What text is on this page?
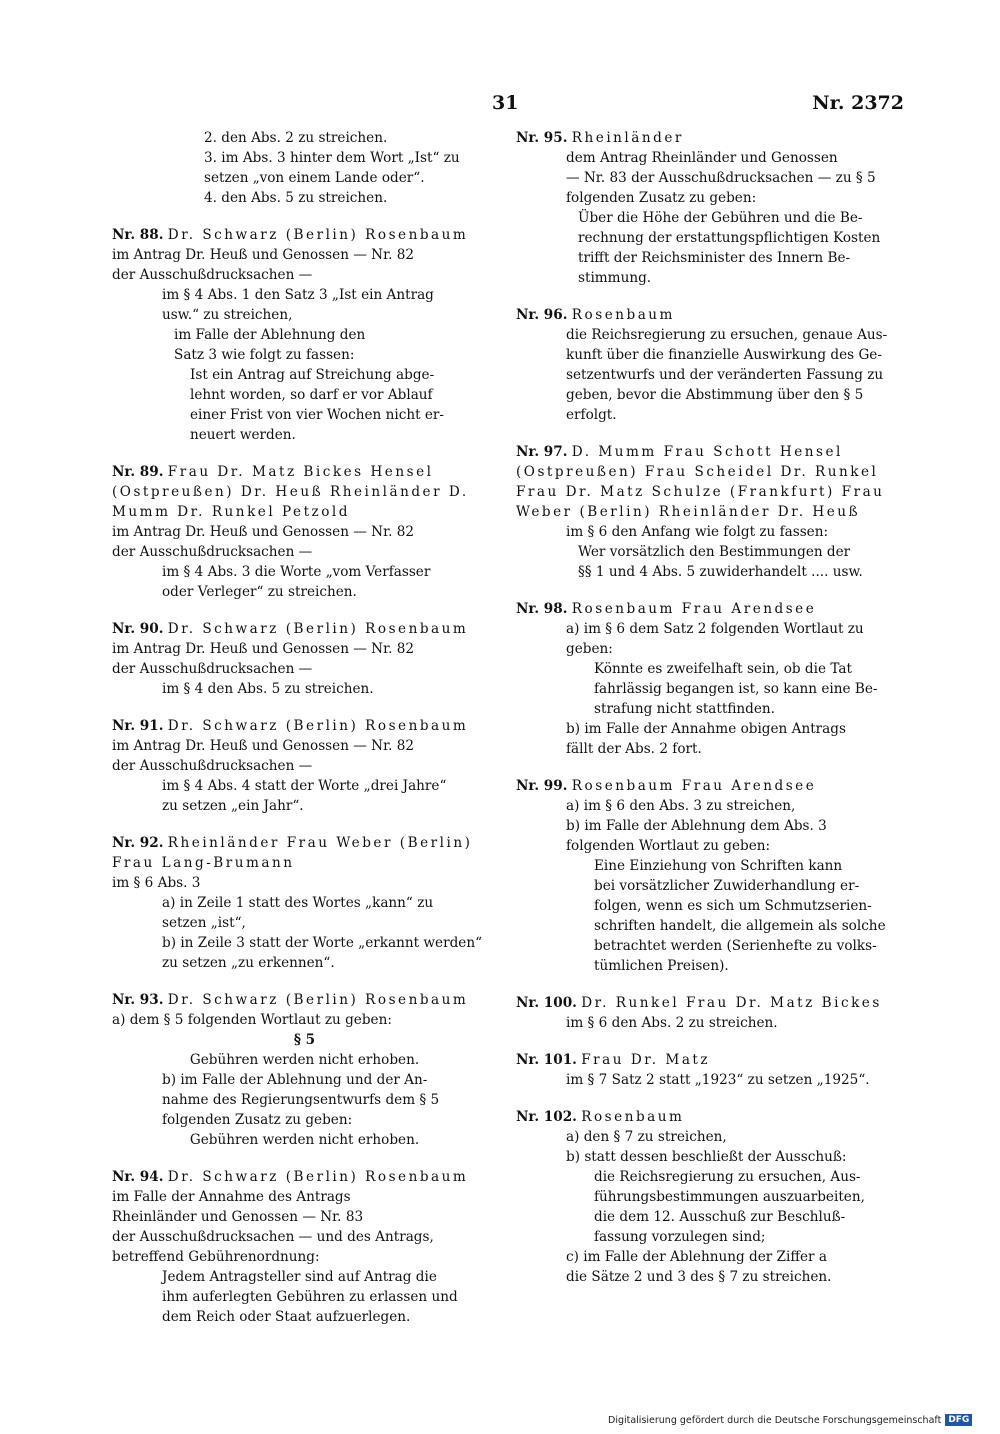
31	Nr. 2372

2. den Abs. 2 zu streichen.

3. im Abs. 3 hinter dem Wort „Ist“ zu

setzen „von einem Lande oder“.

4. den Abs. 5 zu streichen.

Nr. 88. Dr. Schwarz (Berlin) Rosenbaum

im Antrag Dr. Heuß und Genossen — Nr. 82

der Ausschußdrucksachen —

im § 4 Abs. 1 den Satz 3 „Ist ein Antrag

usw.“ zu streichen,

im Falle der Ablehnung den

Satz 3 wie folgt zu fassen:

Ist ein Antrag auf Streichung abge-

lehnt worden, so darf er vor Ablauf

einer Frist von vier Wochen nicht er-

neuert werden.

Nr. 89. Frau Dr. Matz Bickes Hensel (Ostpreußen) Dr. Heuß Rheinländer D. Mumm Dr. Runkel Petzold

im Antrag Dr. Heuß und Genossen — Nr. 82

der Ausschußdrucksachen —

im § 4 Abs. 3 die Worte „vom Verfasser

oder Verleger“ zu streichen.

Nr. 90. Dr. Schwarz (Berlin) Rosenbaum

im Antrag Dr. Heuß und Genossen — Nr. 82

der Ausschußdrucksachen —

im § 4 den Abs. 5 zu streichen.

Nr. 91. Dr. Schwarz (Berlin) Rosenbaum

im Antrag Dr. Heuß und Genossen — Nr. 82

der Ausschußdrucksachen —

im § 4 Abs. 4 statt der Worte „drei Jahre“

zu setzen „ein Jahr“.

Nr. 92. Rheinländer Frau Weber (Berlin) Frau Lang-Brumann

im § 6 Abs. 3

a) in Zeile 1 statt des Wortes „kann“ zu

setzen „ist“,

b) in Zeile 3 statt der Worte „erkannt werden“

zu setzen „zu erkennen“.

Nr. 93. Dr. Schwarz (Berlin) Rosenbaum

a) dem § 5 folgenden Wortlaut zu geben:

§ 5

Gebühren werden nicht erhoben.

b) im Falle der Ablehnung und der An-

nahme des Regierungsentwurfs dem § 5

folgenden Zusatz zu geben:

Gebühren werden nicht erhoben.

Nr. 94. Dr. Schwarz (Berlin) Rosenbaum

im Falle der Annahme des Antrags

Rheinländer und Genossen — Nr. 83

der Ausschußdrucksachen — und des Antrags,

betreffend Gebührenordnung:

Jedem Antragsteller sind auf Antrag die

ihm auferlegten Gebühren zu erlassen und

dem Reich oder Staat aufzuerlegen.

Nr. 95. Rheinländer

dem Antrag Rheinländer und Genossen

— Nr. 83 der Ausschußdrucksachen — zu § 5

folgenden Zusatz zu geben:

Über die Höhe der Gebühren und die Be-

rechnung der erstattungspflichtigen Kosten

trifft der Reichsminister des Innern Be-

stimmung.

Nr. 96. Rosenbaum

die Reichsregierung zu ersuchen, genaue Aus-

kunft über die finanzielle Auswirkung des Ge-

setzentwurfs und der veränderten Fassung zu

geben, bevor die Abstimmung über den § 5

erfolgt.

Nr. 97. D. Mumm Frau Schott Hensel (Ostpreußen) Frau Scheidel Dr. Runkel Frau Dr. Matz Schulze (Frankfurt) Frau Weber (Berlin) Rheinländer Dr. Heuß

im § 6 den Anfang wie folgt zu fassen:

Wer vorsätzlich den Bestimmungen der

§§ 1 und 4 Abs. 5 zuwiderhandelt .... usw.

Nr. 98. Rosenbaum Frau Arendsee

a) im § 6 dem Satz 2 folgenden Wortlaut zu

geben:

Könnte es zweifelhaft sein, ob die Tat

fahrlässig begangen ist, so kann eine Be-

strafung nicht stattfinden.

b) im Falle der Annahme obigen Antrags

fällt der Abs. 2 fort.

Nr. 99. Rosenbaum Frau Arendsee

a) im § 6 den Abs. 3 zu streichen,

b) im Falle der Ablehnung dem Abs. 3

folgenden Wortlaut zu geben:

Eine Einziehung von Schriften kann

bei vorsätzlicher Zuwiderhandlung er-

folgen, wenn es sich um Schmutzserien-

schriften handelt, die allgemein als solche

betrachtet werden (Serienhefte zu volks-

tümlichen Preisen).

Nr. 100. Dr. Runkel Frau Dr. Matz Bickes

im § 6 den Abs. 2 zu streichen.

Nr. 101. Frau Dr. Matz

im § 7 Satz 2 statt „1923“ zu setzen „1925“.

Nr. 102. Rosenbaum

a) den § 7 zu streichen,

b) statt dessen beschließt der Ausschuß:

die Reichsregierung zu ersuchen, Aus-

führungsbestimmungen auszuarbeiten,

die dem 12. Ausschuß zur Beschluß-

fassung vorzulegen sind;

c) im Falle der Ablehnung der Ziffer a

die Sätze 2 und 3 des § 7 zu streichen.

Digitalisierung gefördert durch die Deutsche Forschungsgemeinschaft DFG
